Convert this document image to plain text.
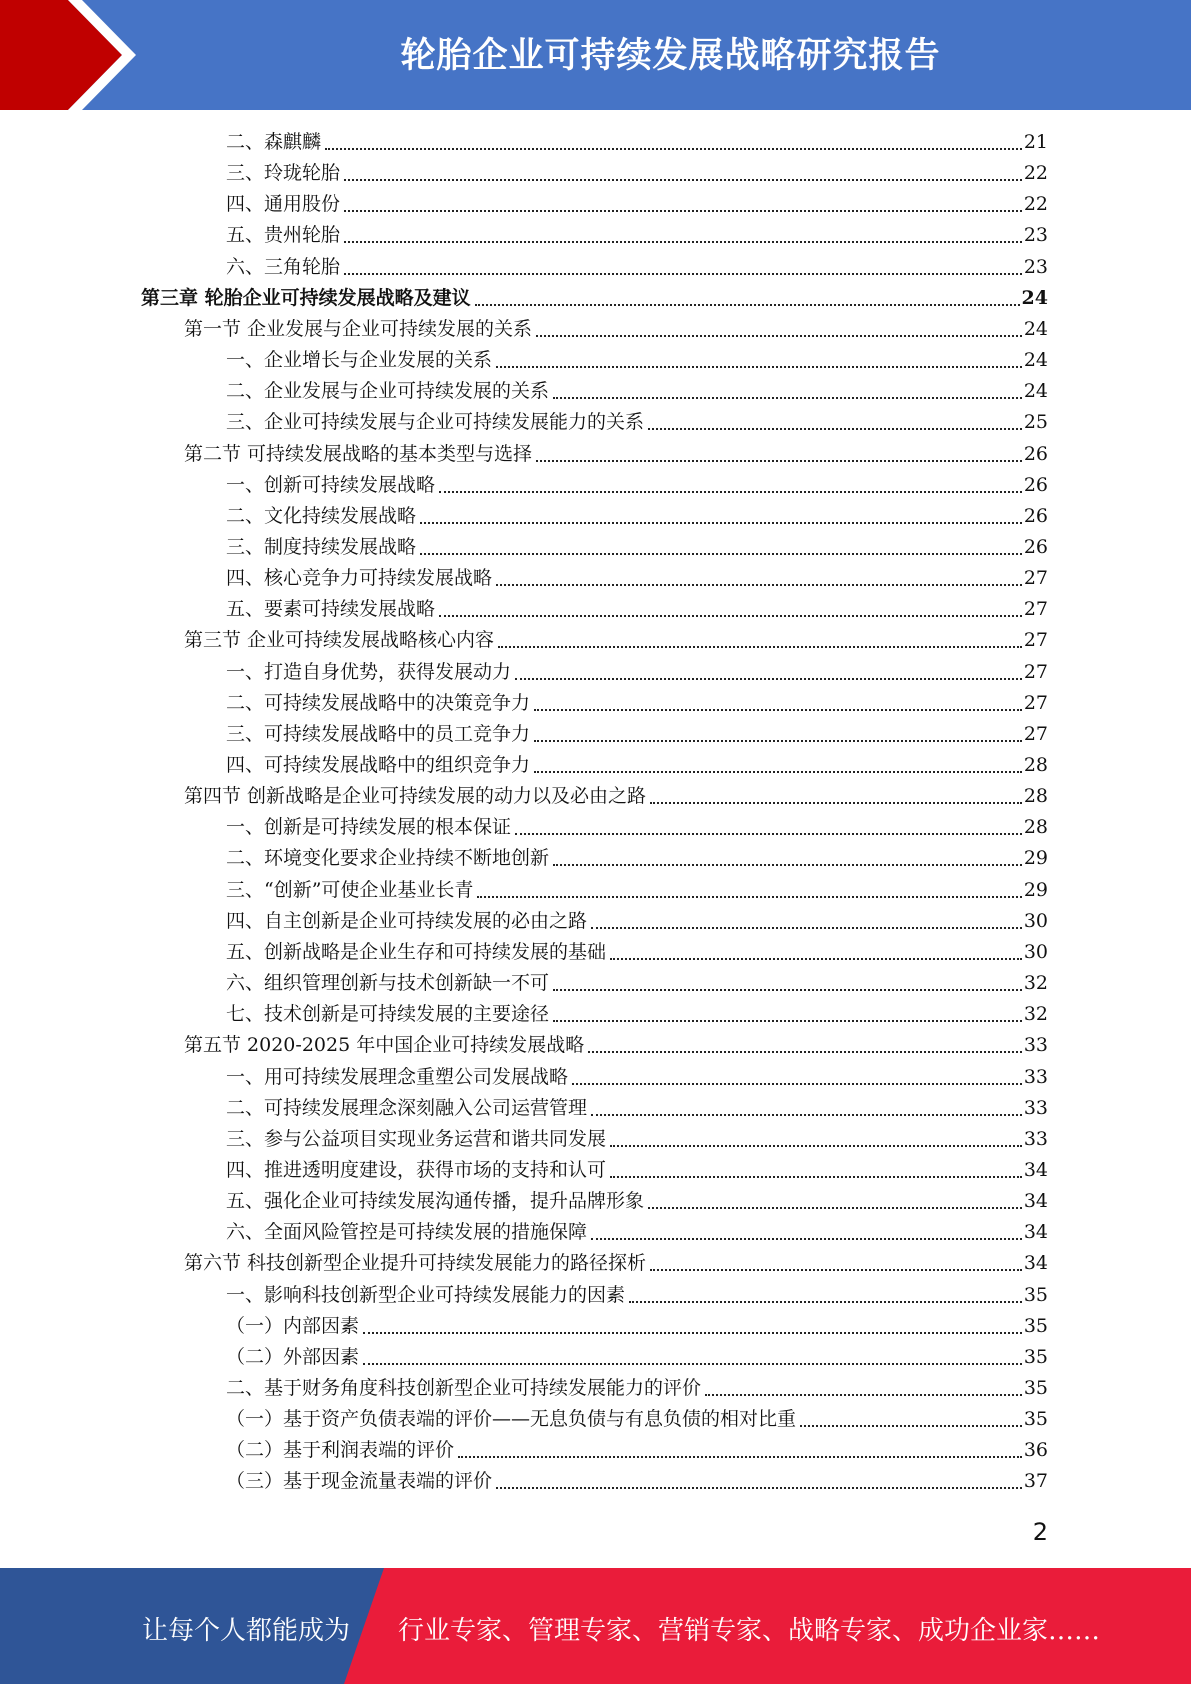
轮胎企业可持续发展战略研究报告
二、森麒麟	21
三、玲珑轮胎	22
四、通用股份	22
五、贵州轮胎	23
六、三角轮胎	23
第三章 轮胎企业可持续发展战略及建议	24
第一节 企业发展与企业可持续发展的关系	24
一、企业增长与企业发展的关系	24
二、企业发展与企业可持续发展的关系	24
三、企业可持续发展与企业可持续发展能力的关系	25
第二节 可持续发展战略的基本类型与选择	26
一、创新可持续发展战略	26
二、文化持续发展战略	26
三、制度持续发展战略	26
四、核心竞争力可持续发展战略	27
五、要素可持续发展战略	27
第三节 企业可持续发展战略核心内容	27
一、打造自身优势，获得发展动力	27
二、可持续发展战略中的决策竞争力	27
三、可持续发展战略中的员工竞争力	27
四、可持续发展战略中的组织竞争力	28
第四节 创新战略是企业可持续发展的动力以及必由之路	28
一、创新是可持续发展的根本保证	28
二、环境变化要求企业持续不断地创新	29
三、“创新”可使企业基业长青	29
四、自主创新是企业可持续发展的必由之路	30
五、创新战略是企业生存和可持续发展的基础	30
六、组织管理创新与技术创新缺一不可	32
七、技术创新是可持续发展的主要途径	32
第五节 2020-2025 年中国企业可持续发展战略	33
一、用可持续发展理念重塑公司发展战略	33
二、可持续发展理念深刻融入公司运营管理	33
三、参与公益项目实现业务运营和谐共同发展	33
四、推进透明度建设，获得市场的支持和认可	34
五、强化企业可持续发展沟通传播，提升品牌形象	34
六、全面风险管控是可持续发展的措施保障	34
第六节 科技创新型企业提升可持续发展能力的路径探析	34
一、影响科技创新型企业可持续发展能力的因素	35
（一）内部因素	35
（二）外部因素	35
二、基于财务角度科技创新型企业可持续发展能力的评价	35
（一）基于资产负债表端的评价——无息负债与有息负债的相对比重	35
（二）基于利润表端的评价	36
（三）基于现金流量表端的评价	37
2
让每个人都能成为 行业专家、管理专家、营销专家、战略专家、成功企业家……
